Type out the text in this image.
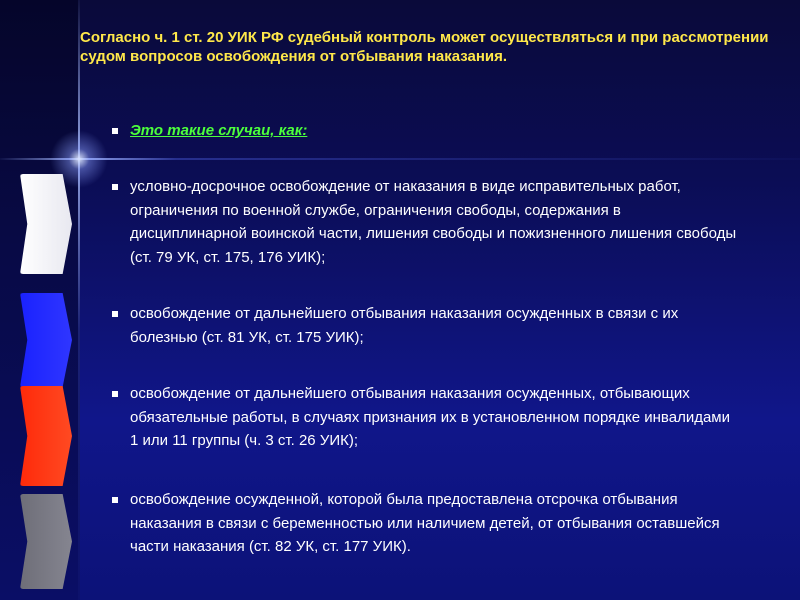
Согласно ч. 1 ст. 20 УИК РФ судебный контроль может осуществляться и при рассмотрении судом вопросов освобождения от отбывания наказания.

Это такие случаи, как:

условно-досрочное освобождение от наказания в виде исправительных работ, ограничения по военной службе, ограничения свободы, содержания в дисциплинарной воинской части, лишения свободы и пожизненного лишения свободы (ст. 79 УК, ст. 175, 176 УИК);

освобождение от дальнейшего отбывания наказания осужденных в связи с их болезнью (ст. 81 УК, ст. 175 УИК);

освобождение от дальнейшего отбывания наказания осужденных, отбывающих обязательные работы, в случаях признания их в установленном порядке инвалидами 1 или 11 группы (ч. 3 ст. 26 УИК);

освобождение осужденной, которой была предоставлена отсрочка отбывания наказания в связи с беременностью или наличием детей, от отбывания оставшейся части наказания (ст. 82 УК, ст. 177 УИК).
